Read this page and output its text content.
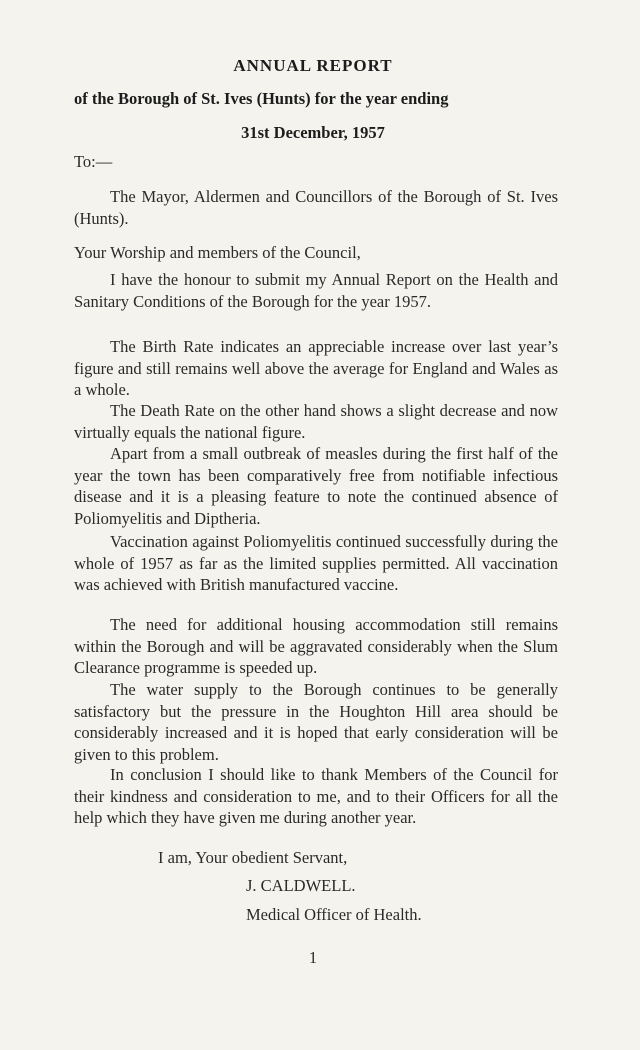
ANNUAL REPORT
of the Borough of St. Ives (Hunts) for the year ending
31st December, 1957
To:—

The Mayor, Aldermen and Councillors of the Borough of St. Ives (Hunts).

Your Worship and members of the Council,

I have the honour to submit my Annual Report on the Health and Sanitary Conditions of the Borough for the year 1957.

The Birth Rate indicates an appreciable increase over last year’s figure and still remains well above the average for England and Wales as a whole.

The Death Rate on the other hand shows a slight decrease and now virtually equals the national figure.

Apart from a small outbreak of measles during the first half of the year the town has been comparatively free from notifiable infectious disease and it is a pleasing feature to note the continued absence of Poliomyelitis and Diptheria.

Vaccination against Poliomyelitis continued successfully during the whole of 1957 as far as the limited supplies permitted. All vaccination was achieved with British manufactured vaccine.

The need for additional housing accommodation still remains within the Borough and will be aggravated considerably when the Slum Clearance programme is speeded up.

The water supply to the Borough continues to be generally satisfactory but the pressure in the Houghton Hill area should be considerably increased and it is hoped that early consideration will be given to this problem.

In conclusion I should like to thank Members of the Council for their kindness and consideration to me, and to their Officers for all the help which they have given me during another year.

I am, Your obedient Servant,
J. CALDWELL.
Medical Officer of Health.
1
